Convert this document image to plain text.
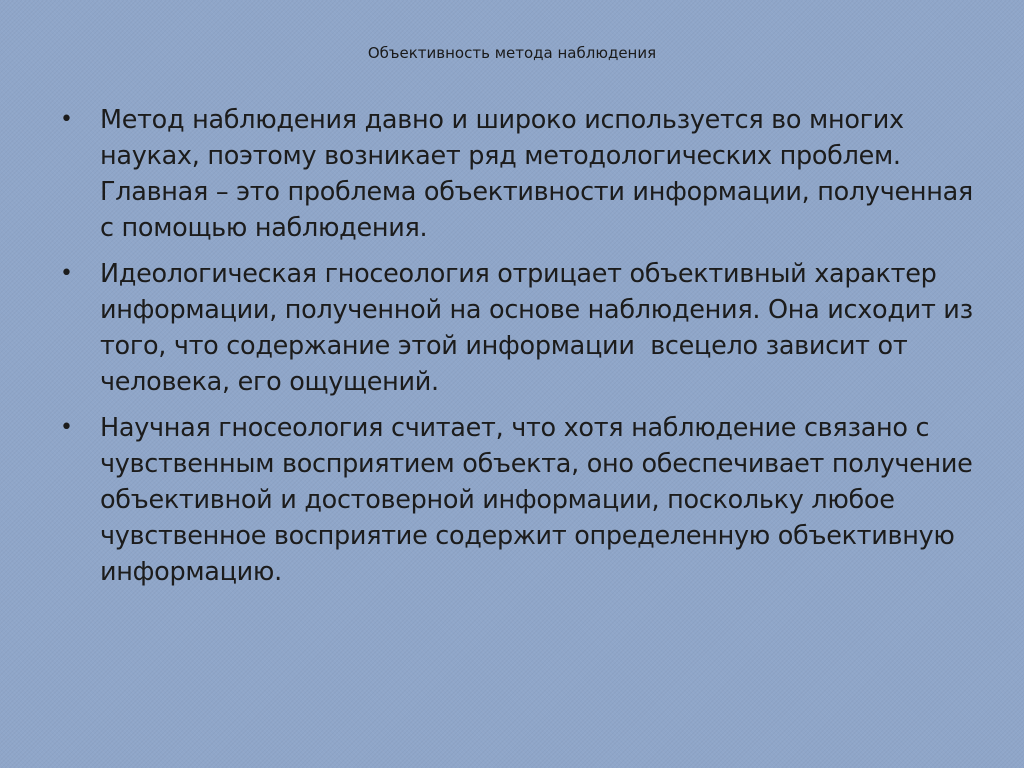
Объективность метода наблюдения
• Метод наблюдения давно и широко используется во многих науках, поэтому возникает ряд методологических проблем. Главная – это проблема объективности информации, полученная с помощью наблюдения.
• Идеологическая гносеология отрицает объективный характер информации, полученной на основе наблюдения. Она исходит из того, что содержание этой информации  всецело зависит от человека, его ощущений.
• Научная гносеология считает, что хотя наблюдение связано с чувственным восприятием объекта, оно обеспечивает получение объективной и достоверной информации, поскольку любое чувственное восприятие содержит определенную объективную информацию.
